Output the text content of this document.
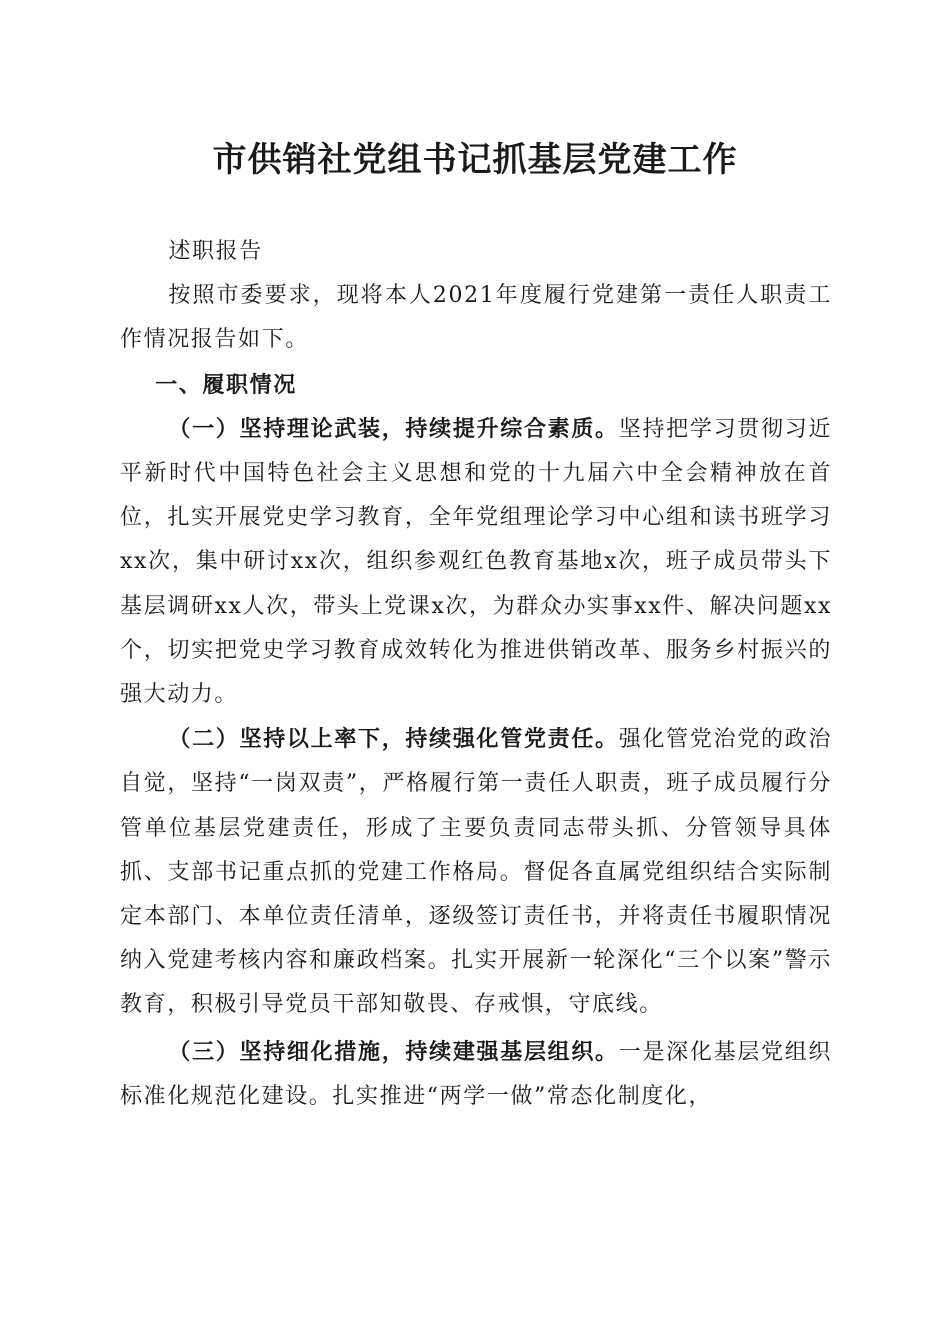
市供销社党组书记抓基层党建工作

述职报告

按照市委要求，现将本人2021年度履行党建第一责任人职责工作情况报告如下。

一、履职情况

（一）坚持理论武装，持续提升综合素质。坚持把学习贯彻习近平新时代中国特色社会主义思想和党的十九届六中全会精神放在首位，扎实开展党史学习教育，全年党组理论学习中心组和读书班学习xx次，集中研讨xx次，组织参观红色教育基地x次，班子成员带头下基层调研xx人次，带头上党课x次，为群众办实事xx件、解决问题xx个，切实把党史学习教育成效转化为推进供销改革、服务乡村振兴的强大动力。

（二）坚持以上率下，持续强化管党责任。强化管党治党的政治自觉，坚持“一岗双责”，严格履行第一责任人职责，班子成员履行分管单位基层党建责任，形成了主要负责同志带头抓、分管领导具体抓、支部书记重点抓的党建工作格局。督促各直属党组织结合实际制定本部门、本单位责任清单，逐级签订责任书，并将责任书履职情况纳入党建考核内容和廉政档案。扎实开展新一轮深化“三个以案”警示教育，积极引导党员干部知敬畏、存戒惧，守底线。

（三）坚持细化措施，持续建强基层组织。一是深化基层党组织标准化规范化建设。扎实推进“两学一做”常态化制度化，
